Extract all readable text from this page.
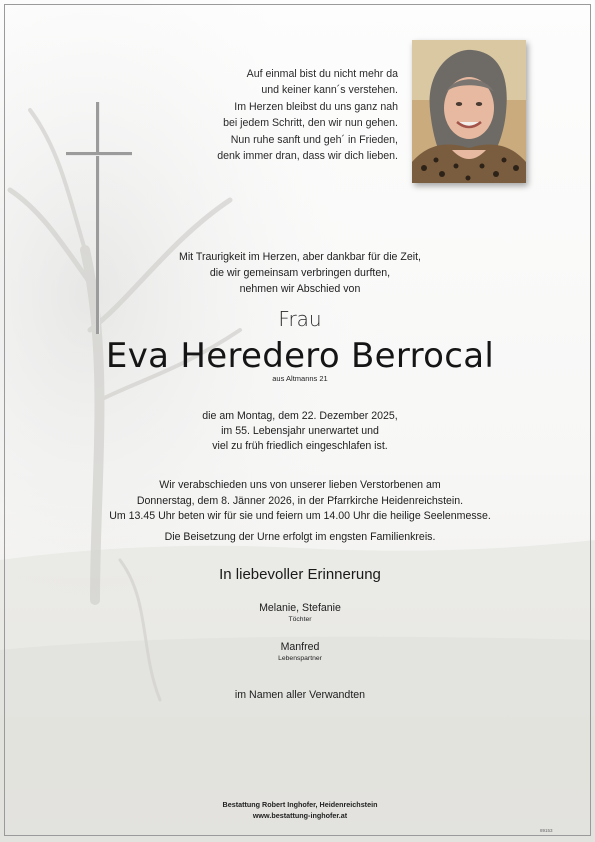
Auf einmal bist du nicht mehr da
und keiner kann´s verstehen.
Im Herzen bleibst du uns ganz nah
bei jedem Schritt, den wir nun gehen.
Nun ruhe sanft und geh´ in Frieden,
denk immer dran, dass wir dich lieben.
Mit Traurigkeit im Herzen, aber dankbar für die Zeit,
die wir gemeinsam verbringen durften,
nehmen wir Abschied von
Frau
Eva Heredero Berrocal
aus Altmanns 21
die am Montag, dem 22. Dezember 2025,
im 55. Lebensjahr unerwartet und
viel zu früh friedlich eingeschlafen ist.
Wir verabschieden uns von unserer lieben Verstorbenen am
Donnerstag, dem 8. Jänner 2026, in der Pfarrkirche Heidenreichstein.
Um 13.45 Uhr beten wir für sie und feiern um 14.00 Uhr die heilige Seelenmesse.
Die Beisetzung der Urne erfolgt im engsten Familienkreis.
In liebevoller Erinnerung
Melanie, Stefanie
Töchter
Manfred
Lebenspartner
im Namen aller Verwandten
Bestattung Robert Inghofer, Heidenreichstein
www.bestattung-inghofer.at
89153
